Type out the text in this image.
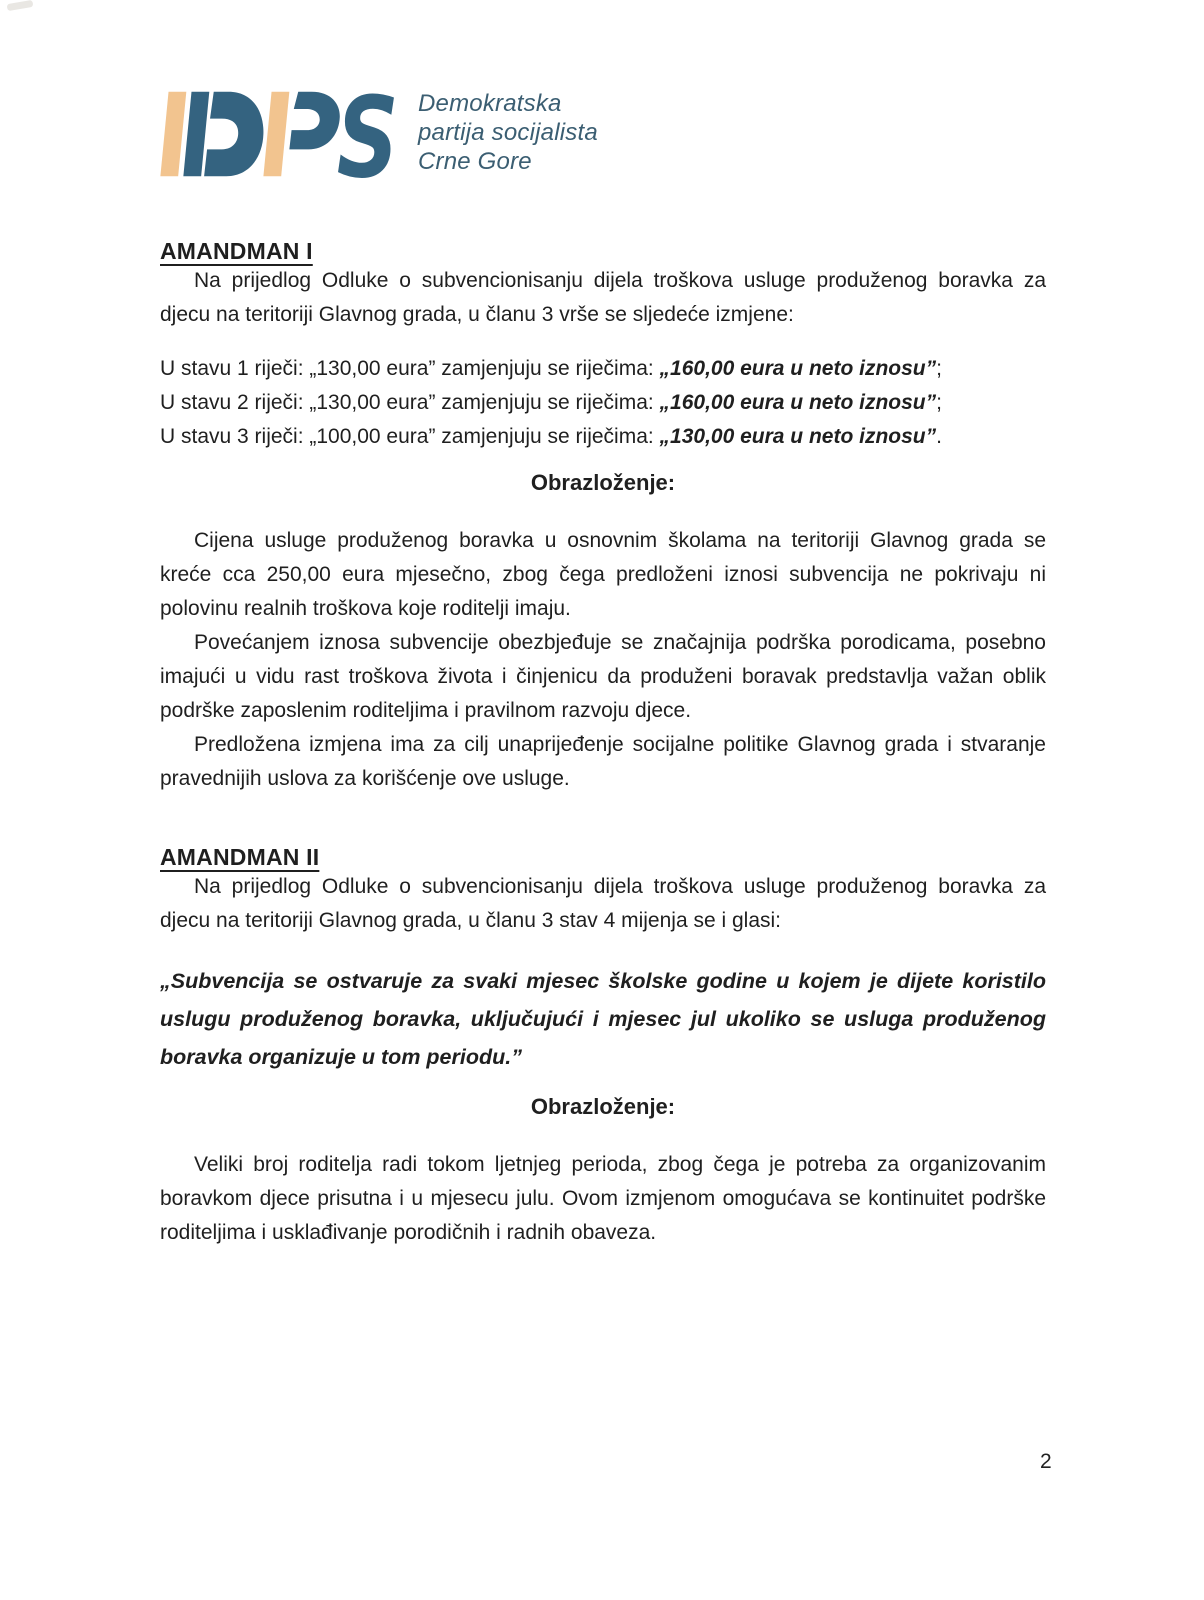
S Demokratska
partija socijalista
Crne Gore
AMANDMAN I

Na prijedlog Odluke o subvencionisanju dijela troškova usluge produženog boravka za djecu na teritoriji Glavnog grada, u članu 3 vrše se sljedeće izmjene:

U stavu 1 riječi: „130,00 eura” zamjenjuju se riječima: „160,00 eura u neto iznosu”;

U stavu 2 riječi: „130,00 eura” zamjenjuju se riječima: „160,00 eura u neto iznosu”;

U stavu 3 riječi: „100,00 eura” zamjenjuju se riječima: „130,00 eura u neto iznosu”.

Obrazloženje:

Cijena usluge produženog boravka u osnovnim školama na teritoriji Glavnog grada se kreće cca 250,00 eura mjesečno, zbog čega predloženi iznosi subvencija ne pokrivaju ni polovinu realnih troškova koje roditelji imaju.

Povećanjem iznosa subvencije obezbjeđuje se značajnija podrška porodicama, posebno imajući u vidu rast troškova života i činjenicu da produženi boravak predstavlja važan oblik podrške zaposlenim roditeljima i pravilnom razvoju djece.

Predložena izmjena ima za cilj unaprijeđenje socijalne politike Glavnog grada i stvaranje pravednijih uslova za korišćenje ove usluge.

AMANDMAN II

Na prijedlog Odluke o subvencionisanju dijela troškova usluge produženog boravka za djecu na teritoriji Glavnog grada, u članu 3 stav 4 mijenja se i glasi:

„Subvencija se ostvaruje za svaki mjesec školske godine u kojem je dijete koristilo uslugu produženog boravka, uključujući i mjesec jul ukoliko se usluga produženog boravka organizuje u tom periodu.”

Obrazloženje:

Veliki broj roditelja radi tokom ljetnjeg perioda, zbog čega je potreba za organizovanim boravkom djece prisutna i u mjesecu julu. Ovom izmjenom omogućava se kontinuitet podrške roditeljima i usklađivanje porodičnih i radnih obaveza.

2
